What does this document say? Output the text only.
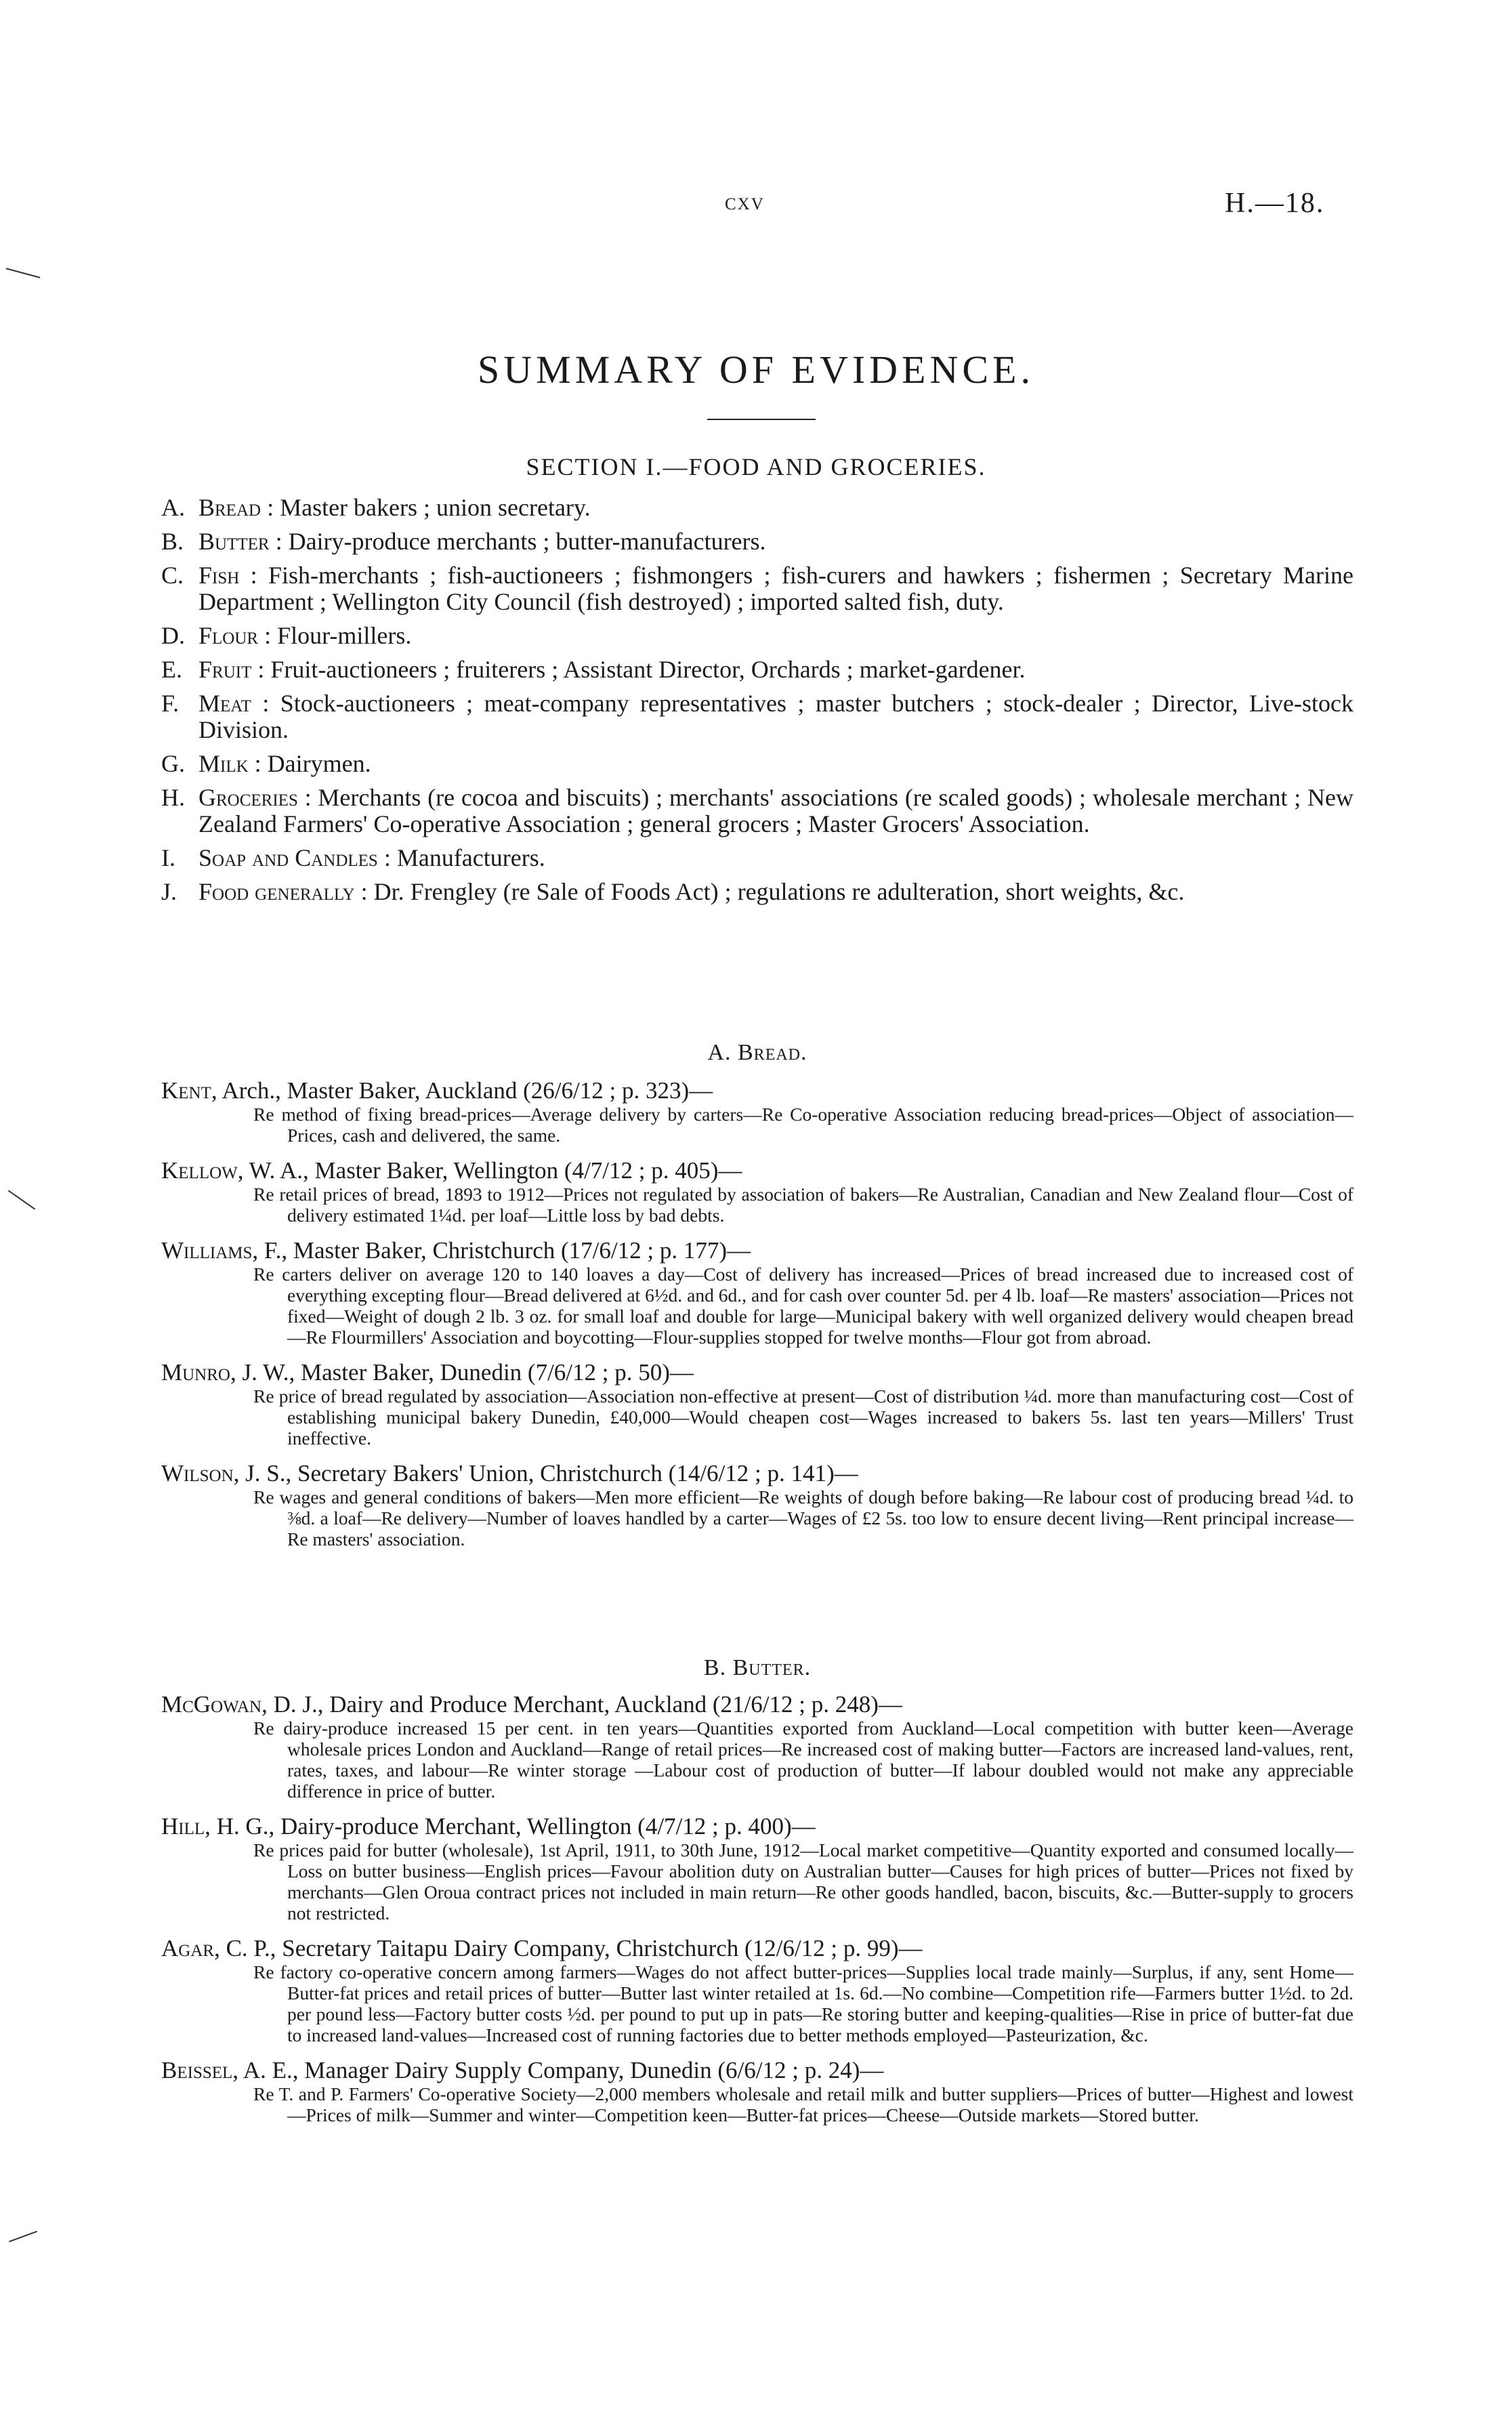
cxv	H.—18.
SUMMARY OF EVIDENCE.
SECTION I.—FOOD AND GROCERIES.
A. Bread : Master bakers ; union secretary.
B. Butter : Dairy-produce merchants ; butter-manufacturers.
C. Fish : Fish-merchants ; fish-auctioneers ; fishmongers ; fish-curers and hawkers ; fishermen ; Secretary Marine Department ; Wellington City Council (fish destroyed) ; imported salted fish, duty.
D. Flour : Flour-millers.
E. Fruit : Fruit-auctioneers ; fruiterers ; Assistant Director, Orchards ; market-gardener.
F. Meat : Stock-auctioneers ; meat-company representatives ; master butchers ; stock-dealer ; Director, Live-stock Division.
G. Milk : Dairymen.
H. Groceries : Merchants (re cocoa and biscuits) ; merchants' associations (re scaled goods) ; wholesale merchant ; New Zealand Farmers' Co-operative Association ; general grocers ; Master Grocers' Association.
I. Soap and Candles : Manufacturers.
J. Food generally : Dr. Frengley (re Sale of Foods Act) ; regulations re adulteration, short weights, &c.
A. Bread.
Kent, Arch., Master Baker, Auckland (26/6/12 ; p. 323)—
Re method of fixing bread-prices—Average delivery by carters—Re Co-operative Association reducing bread-prices—Object of association—Prices, cash and delivered, the same.
Kellow, W. A., Master Baker, Wellington (4/7/12 ; p. 405)—
Re retail prices of bread, 1893 to 1912—Prices not regulated by association of bakers—Re Australian, Canadian and New Zealand flour—Cost of delivery estimated 1¼d. per loaf—Little loss by bad debts.
Williams, F., Master Baker, Christchurch (17/6/12 ; p. 177)—
Re carters deliver on average 120 to 140 loaves a day—Cost of delivery has increased—Prices of bread increased due to increased cost of everything excepting flour—Bread delivered at 6½d. and 6d., and for cash over counter 5d. per 4 lb. loaf—Re masters' association—Prices not fixed—Weight of dough 2 lb. 3 oz. for small loaf and double for large—Municipal bakery with well organized delivery would cheapen bread—Re Flourmillers' Association and boycotting—Flour-supplies stopped for twelve months—Flour got from abroad.
Munro, J. W., Master Baker, Dunedin (7/6/12 ; p. 50)—
Re price of bread regulated by association—Association non-effective at present—Cost of distribution ¼d. more than manufacturing cost—Cost of establishing municipal bakery Dunedin, £40,000—Would cheapen cost—Wages increased to bakers 5s. last ten years—Millers' Trust ineffective.
Wilson, J. S., Secretary Bakers' Union, Christchurch (14/6/12 ; p. 141)—
Re wages and general conditions of bakers—Men more efficient—Re weights of dough before baking—Re labour cost of producing bread ¼d. to ⅜d. a loaf—Re delivery—Number of loaves handled by a carter—Wages of £2 5s. too low to ensure decent living—Rent principal increase—Re masters' association.
B. Butter.
McGowan, D. J., Dairy and Produce Merchant, Auckland (21/6/12 ; p. 248)—
Re dairy-produce increased 15 per cent. in ten years—Quantities exported from Auckland—Local competition with butter keen—Average wholesale prices London and Auckland—Range of retail prices—Re increased cost of making butter—Factors are increased land-values, rent, rates, taxes, and labour—Re winter storage —Labour cost of production of butter—If labour doubled would not make any appreciable difference in price of butter.
Hill, H. G., Dairy-produce Merchant, Wellington (4/7/12 ; p. 400)—
Re prices paid for butter (wholesale), 1st April, 1911, to 30th June, 1912—Local market competitive—Quantity exported and consumed locally—Loss on butter business—English prices—Favour abolition duty on Australian butter—Causes for high prices of butter—Prices not fixed by merchants—Glen Oroua contract prices not included in main return—Re other goods handled, bacon, biscuits, &c.—Butter-supply to grocers not restricted.
Agar, C. P., Secretary Taitapu Dairy Company, Christchurch (12/6/12 ; p. 99)—
Re factory co-operative concern among farmers—Wages do not affect butter-prices—Supplies local trade mainly—Surplus, if any, sent Home—Butter-fat prices and retail prices of butter—Butter last winter retailed at 1s. 6d.—No combine—Competition rife—Farmers butter 1½d. to 2d. per pound less—Factory butter costs ½d. per pound to put up in pats—Re storing butter and keeping-qualities—Rise in price of butter-fat due to increased land-values—Increased cost of running factories due to better methods employed—Pasteurization, &c.
Beissel, A. E., Manager Dairy Supply Company, Dunedin (6/6/12 ; p. 24)—
Re T. and P. Farmers' Co-operative Society—2,000 members wholesale and retail milk and butter suppliers—Prices of butter—Highest and lowest—Prices of milk—Summer and winter—Competition keen—Butter-fat prices—Cheese—Outside markets—Stored butter.
